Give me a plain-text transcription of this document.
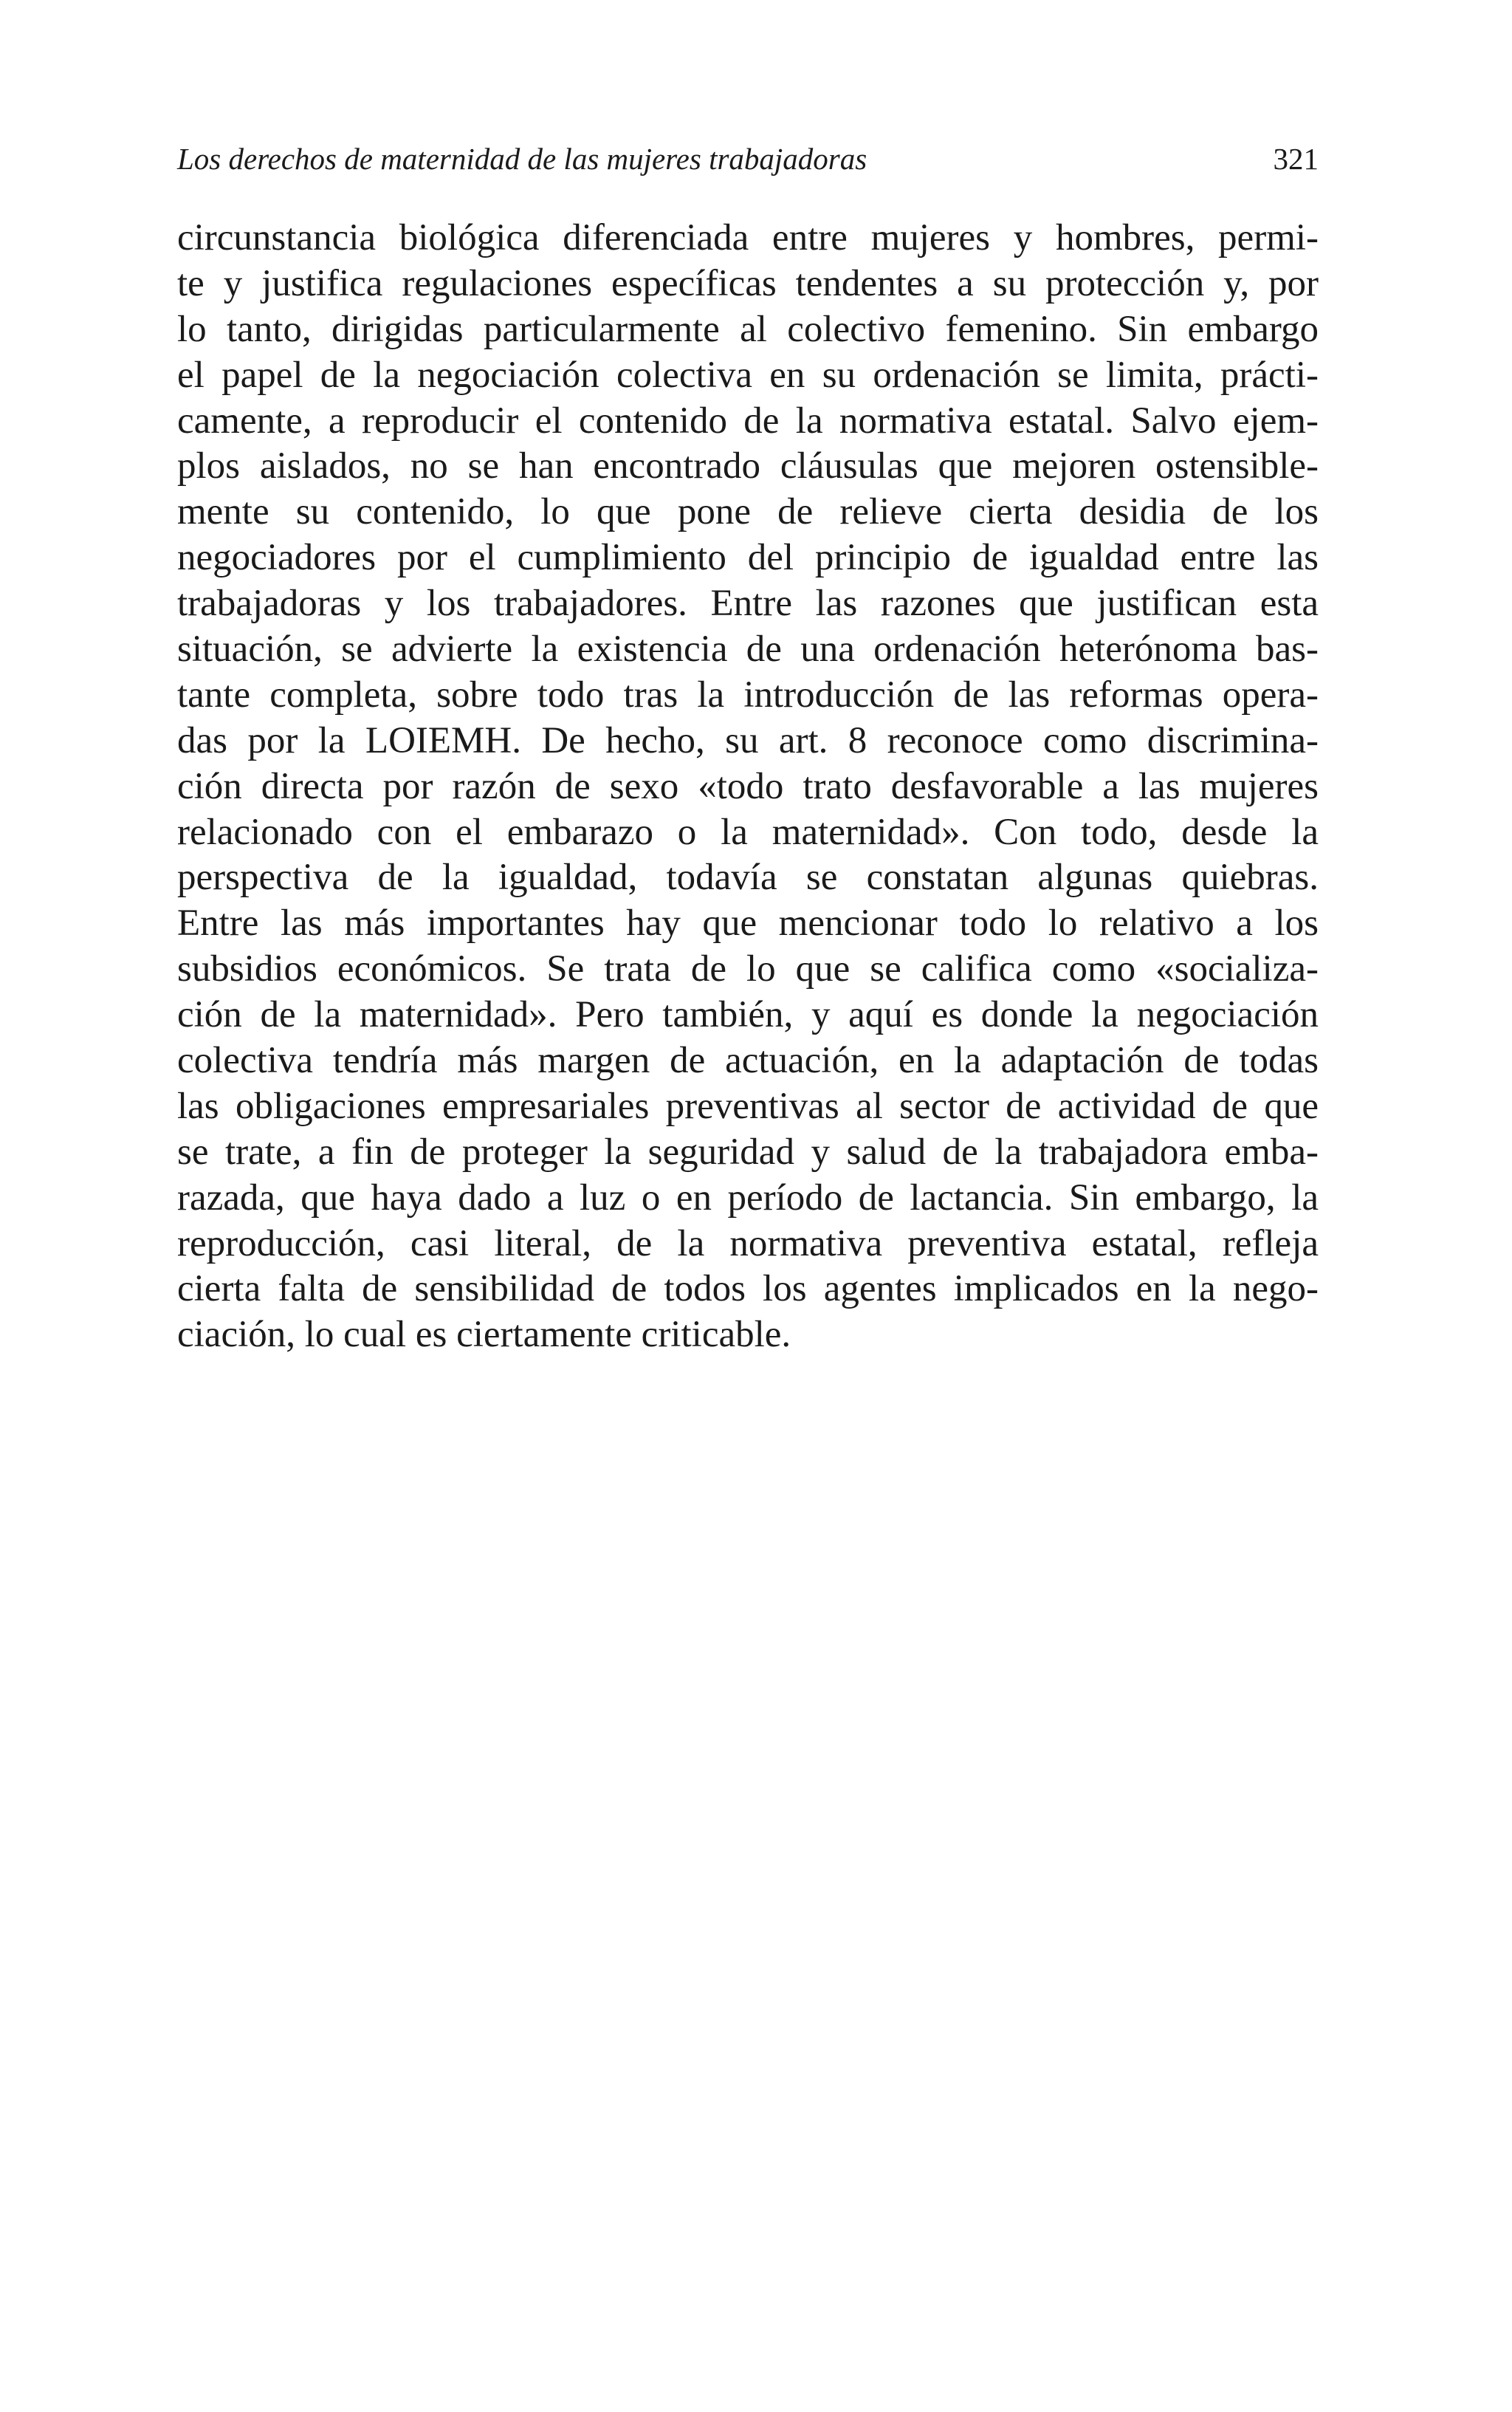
Los derechos de maternidad de las mujeres trabajadoras	321
circunstancia biológica diferenciada entre mujeres y hombres, permi-
te y justifica regulaciones específicas tendentes a su protección y, por
lo tanto, dirigidas particularmente al colectivo femenino. Sin embargo
el papel de la negociación colectiva en su ordenación se limita, prácti-
camente, a reproducir el contenido de la normativa estatal. Salvo ejem-
plos aislados, no se han encontrado cláusulas que mejoren ostensible-
mente su contenido, lo que pone de relieve cierta desidia de los
negociadores por el cumplimiento del principio de igualdad entre las
trabajadoras y los trabajadores. Entre las razones que justifican esta
situación, se advierte la existencia de una ordenación heterónoma bas-
tante completa, sobre todo tras la introducción de las reformas opera-
das por la LOIEMH. De hecho, su art. 8 reconoce como discrimina-
ción directa por razón de sexo «todo trato desfavorable a las mujeres
relacionado con el embarazo o la maternidad». Con todo, desde la
perspectiva de la igualdad, todavía se constatan algunas quiebras.
Entre las más importantes hay que mencionar todo lo relativo a los
subsidios económicos. Se trata de lo que se califica como «socializa-
ción de la maternidad». Pero también, y aquí es donde la negociación
colectiva tendría más margen de actuación, en la adaptación de todas
las obligaciones empresariales preventivas al sector de actividad de que
se trate, a fin de proteger la seguridad y salud de la trabajadora emba-
razada, que haya dado a luz o en período de lactancia. Sin embargo, la
reproducción, casi literal, de la normativa preventiva estatal, refleja
cierta falta de sensibilidad de todos los agentes implicados en la nego-
ciación, lo cual es ciertamente criticable.
